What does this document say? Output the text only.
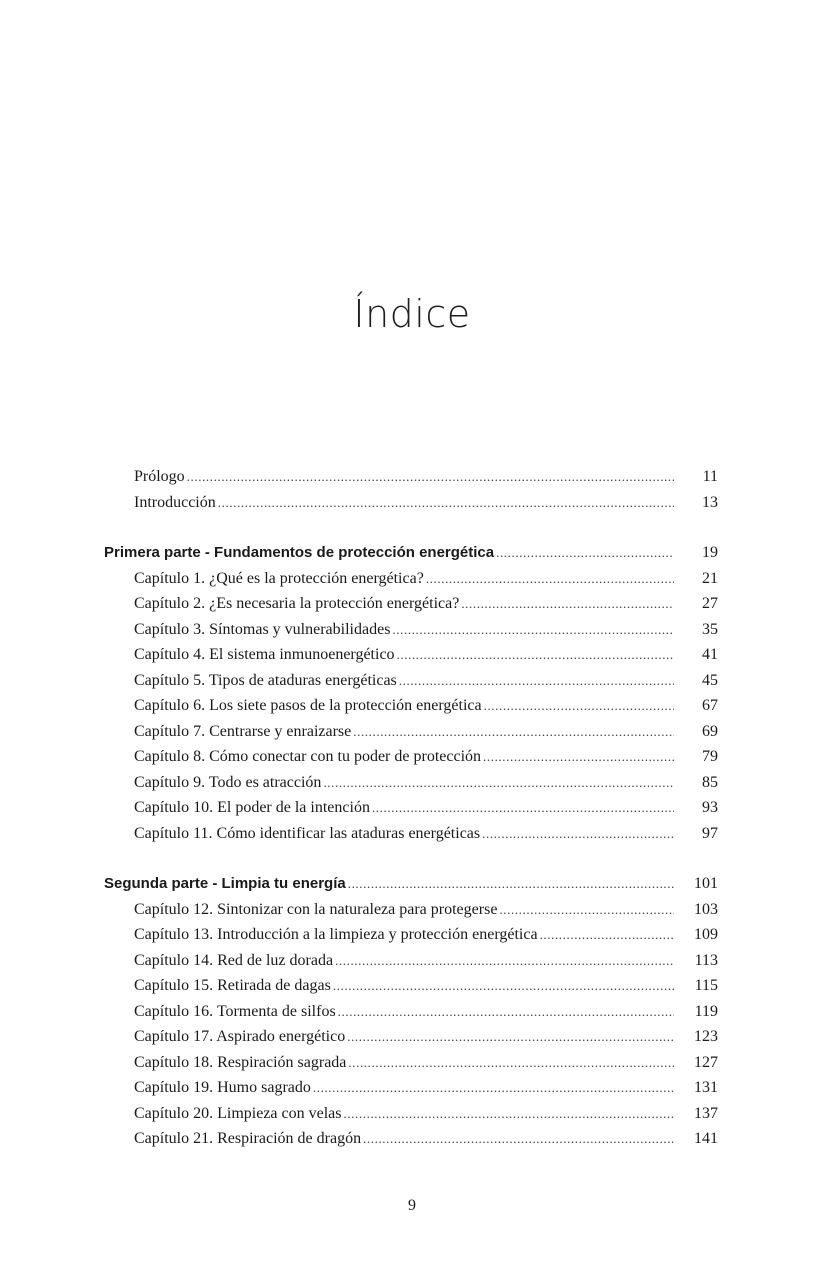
Índice
Prólogo .....	11
Introducción .....	13
Primera parte - Fundamentos de protección energética .....	19
Capítulo 1. ¿Qué es la protección energética? .....	21
Capítulo 2. ¿Es necesaria la protección energética? .....	27
Capítulo 3. Síntomas y vulnerabilidades .....	35
Capítulo 4. El sistema inmunoenergético .....	41
Capítulo 5. Tipos de ataduras energéticas .....	45
Capítulo 6. Los siete pasos de la protección energética .....	67
Capítulo 7. Centrarse y enraizarse .....	69
Capítulo 8. Cómo conectar con tu poder de protección .....	79
Capítulo 9. Todo es atracción .....	85
Capítulo 10. El poder de la intención .....	93
Capítulo 11. Cómo identificar las ataduras energéticas .....	97
Segunda parte - Limpia tu energía .....	101
Capítulo 12. Sintonizar con la naturaleza para protegerse .....	103
Capítulo 13. Introducción a la limpieza y protección energética .....	109
Capítulo 14. Red de luz dorada .....	113
Capítulo 15. Retirada de dagas .....	115
Capítulo 16. Tormenta de silfos .....	119
Capítulo 17. Aspirado energético .....	123
Capítulo 18. Respiración sagrada .....	127
Capítulo 19. Humo sagrado .....	131
Capítulo 20. Limpieza con velas .....	137
Capítulo 21. Respiración de dragón .....	141
9
